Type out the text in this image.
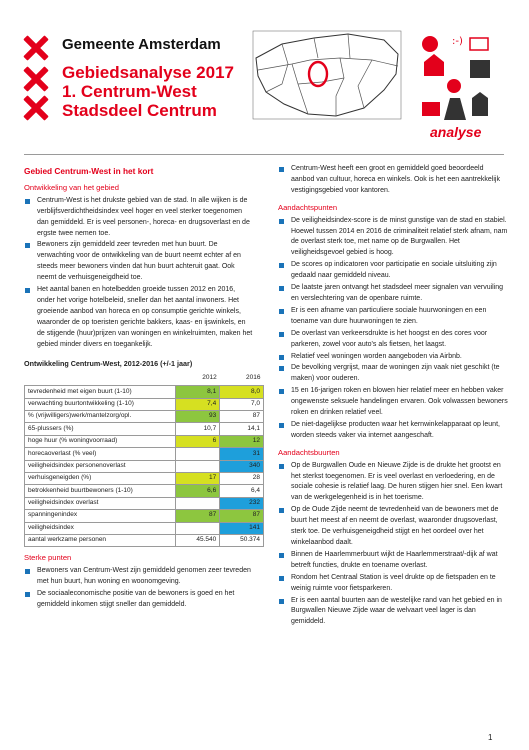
Gemeente Amsterdam
Gebiedsanalyse 2017
1. Centrum-West
Stadsdeel Centrum
:-)
analyse
Gebied Centrum-West in het kort
Ontwikkeling van het gebied
Centrum-West is het drukste gebied van de stad. In alle wijken is de verblijfsverdichtheidsindex veel hoger en veel sterker toegenomen dan gemiddeld. Er is veel personen-, horeca- en drugsoverlast en de ergste twee nemen toe.
Bewoners zijn gemiddeld zeer tevreden met hun buurt. De verwachting voor de ontwikkeling van de buurt neemt echter af en steeds meer bewoners vinden dat hun buurt achteruit gaat. Ook neemt de verhuisgeneigdheid toe.
Het aantal banen en hotelbedden groeide tussen 2012 en 2016, onder het vorige hotelbeleid, sneller dan het aantal inwoners. Het groeiende aanbod van horeca en op consumptie gerichte winkels, waaronder de op toeristen gerichte bakkers, kaas- en ijswinkels, en de stijgende (huur)prijzen van woningen en winkelruimten, maken het gebied minder divers en toegankelijk.
Ontwikkeling Centrum-West, 2012-2016 (+/-1 jaar)
	2012	2016
tevredenheid met eigen buurt (1-10)	8,1	8,0
verwachting buurtontwikkeling (1-10)	7,4	7,0
% (vrijwilligers)werk/mantelzorg/opl.	93	87
65-plussers (%)	10,7	14,1
hoge huur (% woningvoorraad)	6	12
horecaoverlast (% veel)		31
veiligheidsindex personenoverlast		340
verhuisgeneigden (%)	17	28
betrokkenheid buurtbewoners (1-10)	6,6	6,4
veiligheidsindex overlast		232
spanningenindex	87	87
veiligheidsindex		141
aantal werkzame personen	45.540	50.374
Sterke punten
Bewoners van Centrum-West zijn gemiddeld genomen zeer tevreden met hun buurt, hun woning en woonomgeving.
De sociaaleconomische positie van de bewoners is goed en het gemiddeld inkomen stijgt sneller dan gemiddeld.
Centrum-West heeft een groot en gemiddeld goed beoordeeld aanbod van cultuur, horeca en winkels. Ook is het een aantrekkelijk vestigingsgebied voor kantoren.
Aandachtspunten
De veiligheidsindex-score is de minst gunstige van de stad en stabiel. Hoewel tussen 2014 en 2016 de criminaliteit relatief sterk afnam, nam de overlast sterk toe, met name op de Burgwallen. Het veiligheidsgevoel gebied is hoog.
De scores op indicatoren voor participatie en sociale uitsluiting zijn gedaald naar gemiddeld niveau.
De laatste jaren ontvangt het stadsdeel meer signalen van vervuiling en verslechtering van de openbare ruimte.
Er is een afname van particuliere sociale huurwoningen en een toename van dure huurwoningen te zien.
De overlast van verkeersdrukte is het hoogst en des cores voor parkeren, zowel voor auto's als fietsen, het laagst.
Relatief veel woningen worden aangeboden via Airbnb.
De bevolking vergrijst, maar de woningen zijn vaak niet geschikt (te maken) voor ouderen.
15 en 16-jarigen roken en blowen hier relatief meer en hebben vaker ongewenste seksuele handelingen ervaren. Ook volwassen bewoners roken en drinken relatief veel.
De niet-dagelijkse producten waar het kernwinkelapparaat op leunt, worden steeds vaker via internet aangeschaft.
Aandachtsbuurten
Op de Burgwallen Oude en Nieuwe Zijde is de drukte het grootst en het sterkst toegenomen. Er is veel overlast en verloedering, en de sociale cohesie is relatief laag. De huren stijgen hier snel. Een kwart van de werkgelegenheid is in het toerisme.
Op de Oude Zijde neemt de tevredenheid van de bewoners met de buurt het meest af en neemt de overlast, waaronder drugsoverlast, sterk toe. De verhuisgeneigdheid stijgt en het oordeel over het winkelaanbod daalt.
Binnen de Haarlemmerbuurt wijkt de Haarlemmerstraat/-dijk af wat betreft functies, drukte en toename overlast.
Rondom het Centraal Station is veel drukte op de fietspaden en te weinig ruimte voor fietsparkeren.
Er is een aantal buurten aan de westelijke rand van het gebied en in Burgwallen Nieuwe Zijde waar de welvaart veel lager is dan gemiddeld.
1
